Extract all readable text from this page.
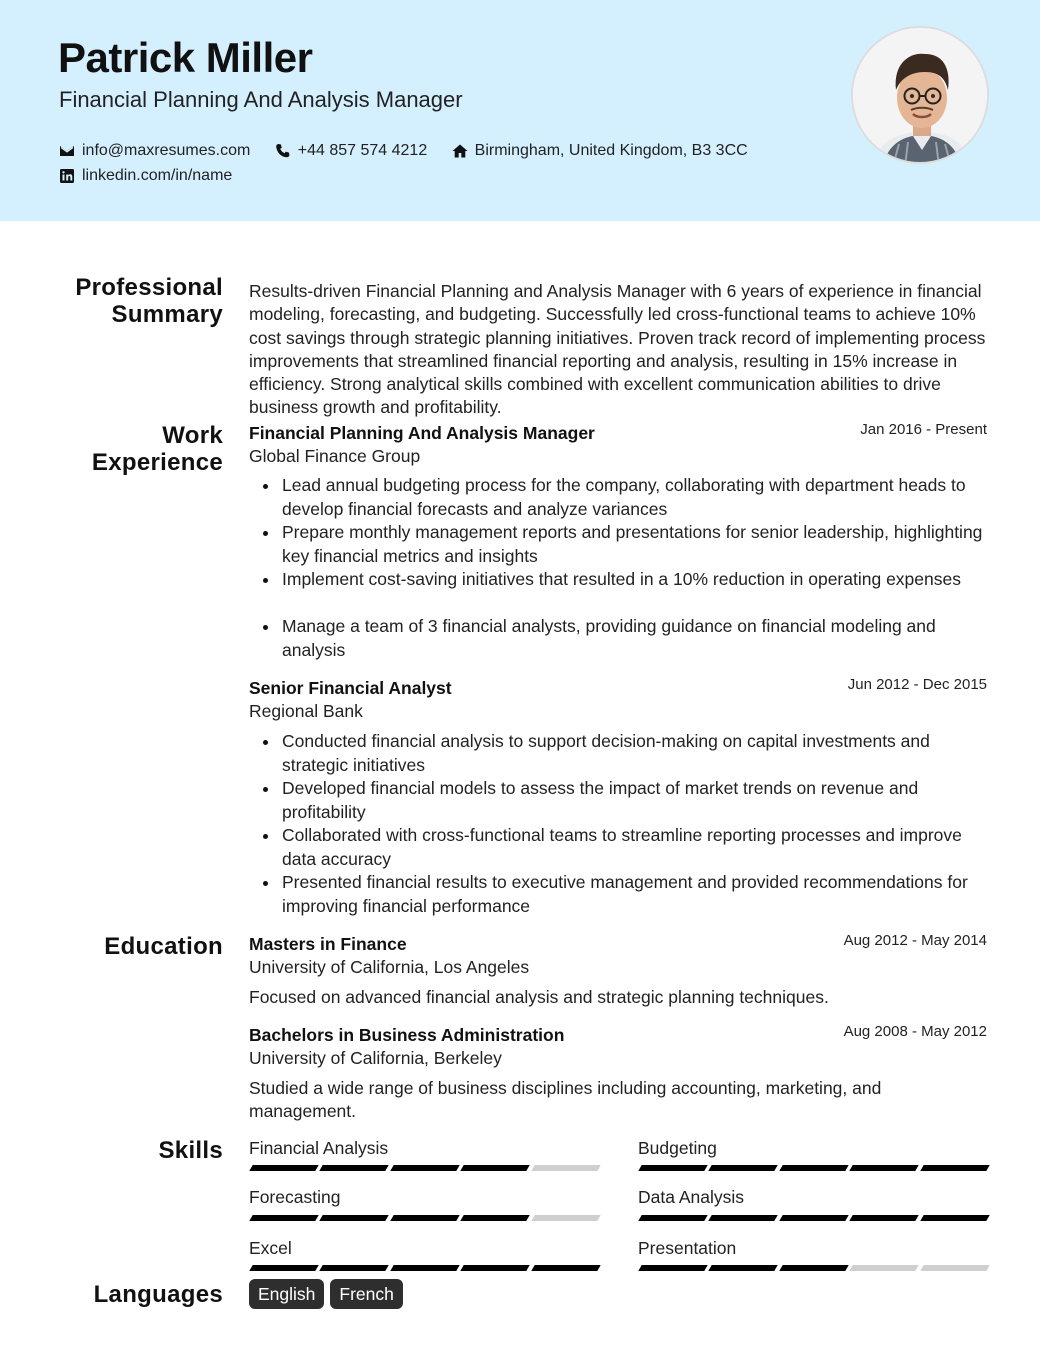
Patrick Miller
Financial Planning And Analysis Manager
info@maxresumes.com
	+44 857 574 4212
	Birmingham, United Kingdom, B3 3CC

linkedin.com/in/name
Professional
Summary
Results-driven Financial Planning and Analysis Manager with 6 years of experience in financial modeling, forecasting, and budgeting. Successfully led cross-functional teams to achieve 10% cost savings through strategic planning initiatives. Proven track record of implementing process improvements that streamlined financial reporting and analysis, resulting in 15% increase in efficiency. Strong analytical skills combined with excellent communication abilities to drive business growth and profitability.
Work
Experience
Financial Planning And Analysis Manager	Jan 2016 - Present
Global Finance Group
Lead annual budgeting process for the company, collaborating with department heads to develop financial forecasts and analyze variances
Prepare monthly management reports and presentations for senior leadership, highlighting key financial metrics and insights
Implement cost-saving initiatives that resulted in a 10% reduction in operating expenses
Manage a team of 3 financial analysts, providing guidance on financial modeling and analysis
Senior Financial Analyst	Jun 2012 - Dec 2015
Regional Bank
Conducted financial analysis to support decision-making on capital investments and strategic initiatives
Developed financial models to assess the impact of market trends on revenue and profitability
Collaborated with cross-functional teams to streamline reporting processes and improve data accuracy
Presented financial results to executive management and provided recommendations for improving financial performance
Education Masters in Finance	Aug 2012 - May 2014
University of California, Los Angeles
Focused on advanced financial analysis and strategic planning techniques.
Bachelors in Business Administration	Aug 2008 - May 2012
University of California, Berkeley
Studied a wide range of business disciplines including accounting, marketing, and management.
Skills Financial Analysis	Budgeting
Forecasting	Data Analysis
Excel	Presentation
Languages	English	French
